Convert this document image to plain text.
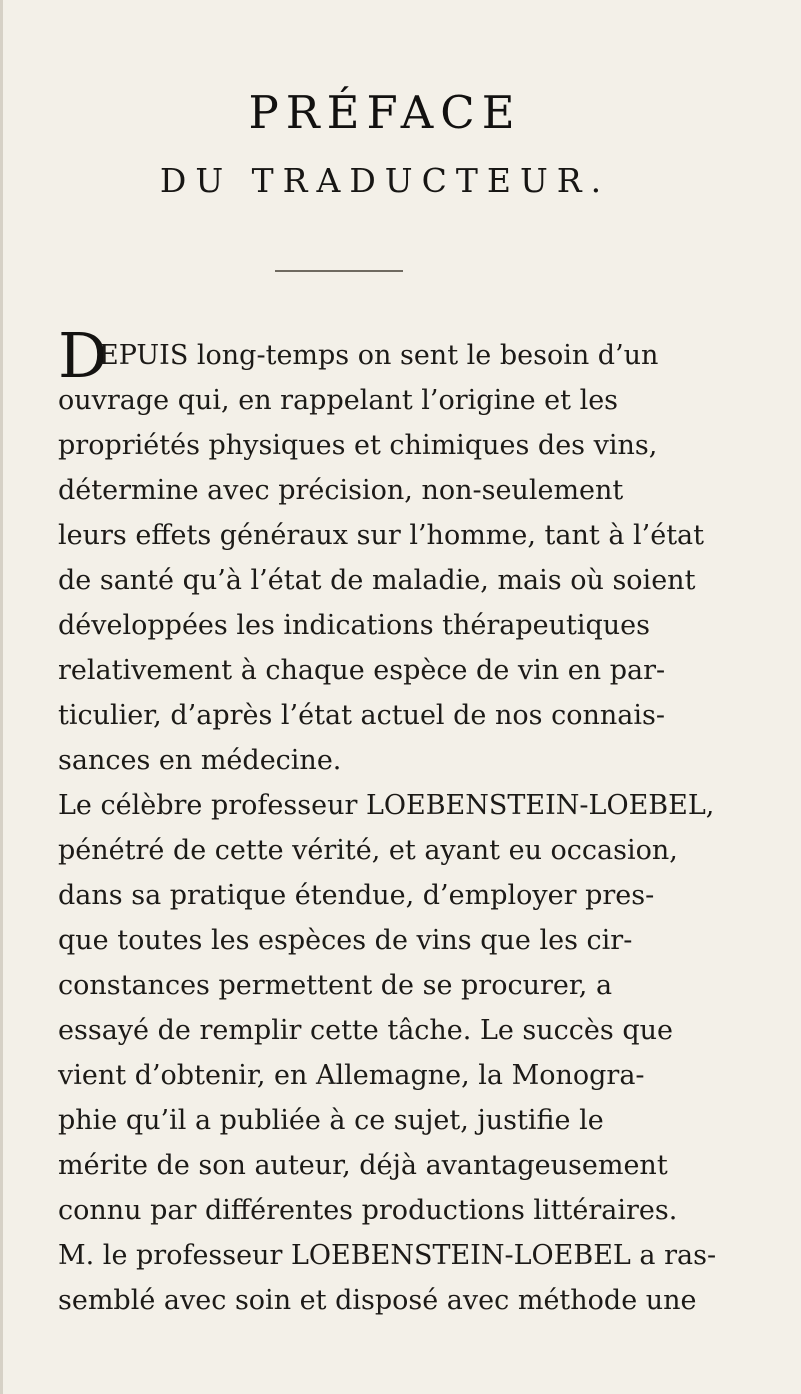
PRÉFACE
DU TRADUCTEUR.
D
EPUIS long-temps on sent le besoin d’un
ouvrage qui, en rappelant l’origine et les
propriétés physiques et chimiques des vins,
détermine avec précision, non-seulement
leurs effets généraux sur l’homme, tant à l’état
de santé qu’à l’état de maladie, mais où soient
développées les indications thérapeutiques
relativement à chaque espèce de vin en par-
ticulier, d’après l’état actuel de nos connais-
sances en médecine.
Le célèbre professeur LOEBENSTEIN-LOEBEL,
pénétré de cette vérité, et ayant eu occasion,
dans sa pratique étendue, d’employer pres-
que toutes les espèces de vins que les cir-
constances permettent de se procurer, a
essayé de remplir cette tâche. Le succès que
vient d’obtenir, en Allemagne, la Monogra-
phie qu’il a publiée à ce sujet, justifie le
mérite de son auteur, déjà avantageusement
connu par différentes productions littéraires.
M. le professeur LOEBENSTEIN-LOEBEL a ras-
semblé avec soin et disposé avec méthode une
